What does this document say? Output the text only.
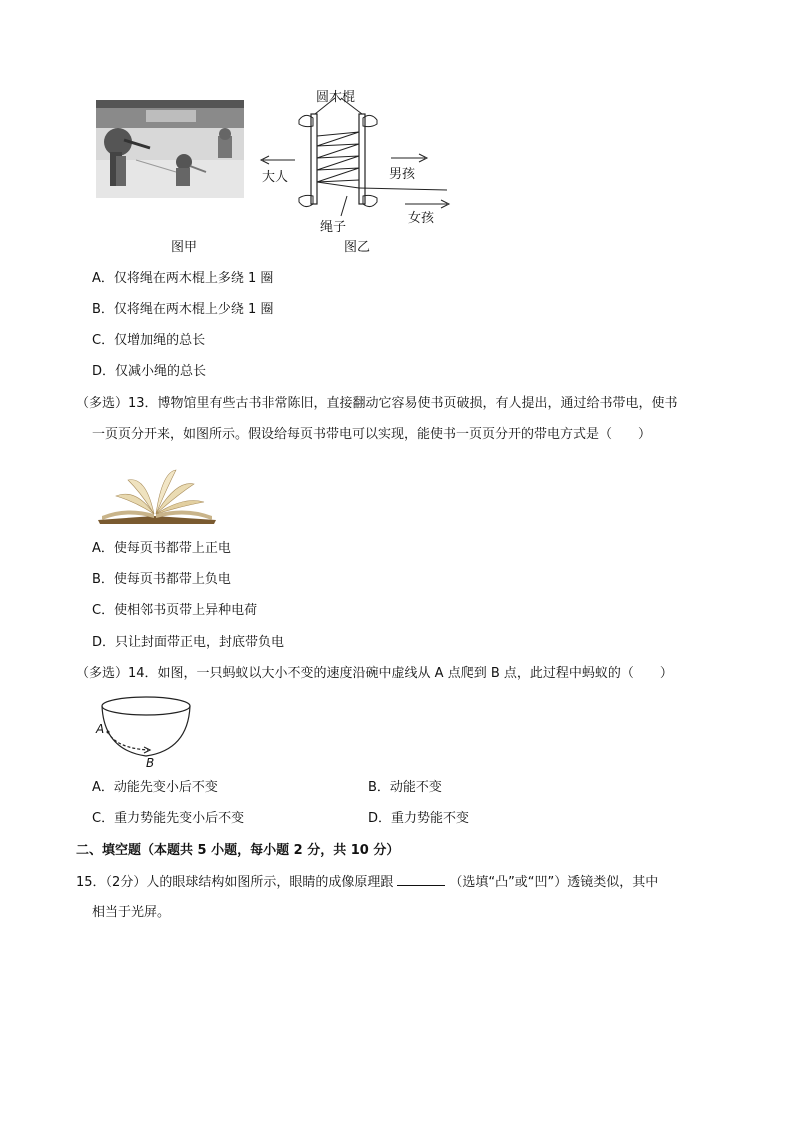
图甲
圆木棍
大人	男孩
女孩
绳子
图乙
A．仅将绳在两木棍上多绕 1 圈
B．仅将绳在两木棍上少绕 1 圈
C．仅增加绳的总长
D．仅减小绳的总长
（多选）13．博物馆里有些古书非常陈旧，直接翻动它容易使书页破损，有人提出，通过给书带电，使书
一页页分开来，如图所示。假设给每页书带电可以实现，能使书一页页分开的带电方式是（　　）
A．使每页书都带上正电
B．使每页书都带上负电
C．使相邻书页带上异种电荷
D．只让封面带正电，封底带负电
（多选）14．如图，一只蚂蚁以大小不变的速度沿碗中虚线从 A 点爬到 B 点，此过程中蚂蚁的（　　）
A
B
A．动能先变小后不变	B．动能不变
C．重力势能先变小后不变	D．重力势能不变
二、填空题（本题共 5 小题，每小题 2 分，共 10 分）
15．（2分）人的眼球结构如图所示，眼睛的成像原理跟	（选填“凸”或“凹”）透镜类似，其中
相当于光屏。
